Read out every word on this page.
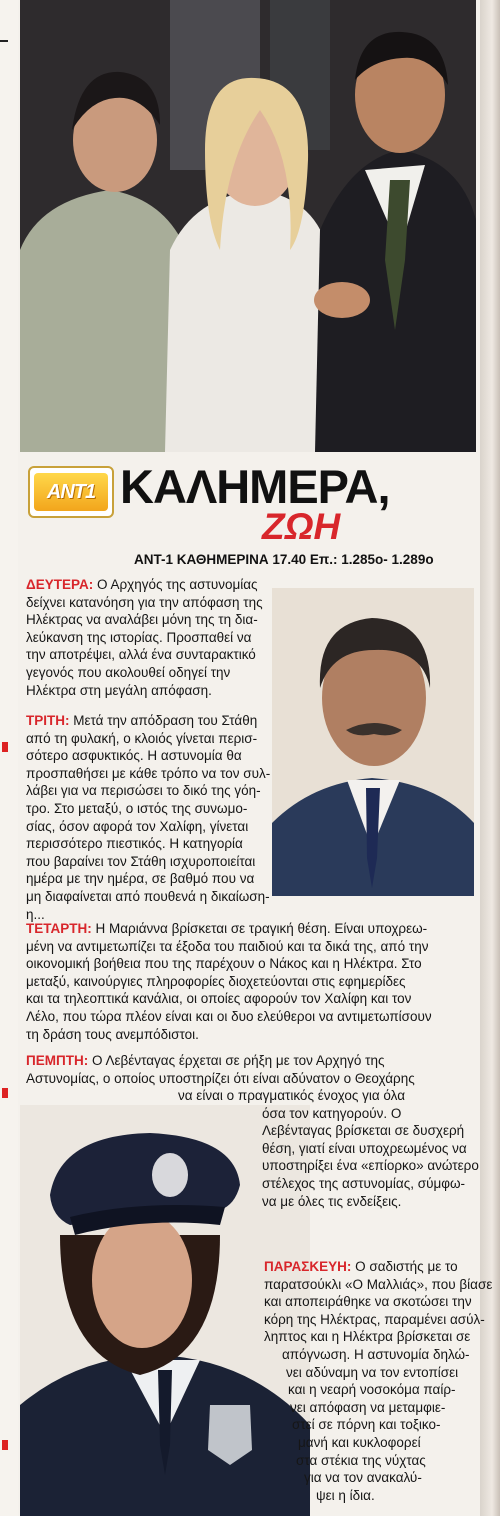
ANT1 ΚΑΛΗΜΕΡΑ,
ΖΩΗ
ΑΝΤ-1 ΚΑΘΗΜΕΡΙΝΑ 17.40 Επ.: 1.285ο- 1.289ο
ΔΕΥΤΕΡΑ: Ο Αρχηγός της αστυνομίας
δείχνει κατανόηση για την απόφαση της
Ηλέκτρας να αναλάβει μόνη της τη δια-
λεύκανση της ιστορίας. Προσπαθεί να
την αποτρέψει, αλλά ένα συνταρακτικό
γεγονός που ακολουθεί οδηγεί την
Ηλέκτρα στη μεγάλη απόφαση.
ΤΡΙΤΗ: Μετά την απόδραση του Στάθη
από τη φυλακή, ο κλοιός γίνεται περισ-
σότερο ασφυκτικός. Η αστυνομία θα
προσπαθήσει με κάθε τρόπο να τον συλ-
λάβει για να περισώσει το δικό της γόη-
τρο. Στο μεταξύ, ο ιστός της συνωμο-
σίας, όσον αφορά τον Χαλίφη, γίνεται
περισσότερο πιεστικός. Η κατηγορία
που βαραίνει τον Στάθη ισχυροποιείται
ημέρα με την ημέρα, σε βαθμό που να
μη διαφαίνεται από πουθενά η δικαίωση-
η...
ΤΕΤΑΡΤΗ: Η Μαριάννα βρίσκεται σε τραγική θέση. Είναι υποχρεω-
μένη να αντιμετωπίζει τα έξοδα του παιδιού και τα δικά της, από την
οικονομική βοήθεια που της παρέχουν ο Νάκος και η Ηλέκτρα. Στο
μεταξύ, καινούργιες πληροφορίες διοχετεύονται στις εφημερίδες
και τα τηλεοπτικά κανάλια, οι οποίες αφορούν τον Χαλίφη και τον
Λέλο, που τώρα πλέον είναι και οι δυο ελεύθεροι να αντιμετωπίσουν
τη δράση τους ανεμπόδιστοι.
ΠΕΜΠΤΗ: Ο Λεβένταγας έρχεται σε ρήξη με τον Αρχηγό της
Αστυνομίας, ο οποίος υποστηρίζει ότι είναι αδύνατον ο Θεοχάρης
να είναι ο πραγματικός ένοχος για όλα
όσα τον κατηγορούν. Ο
Λεβένταγας βρίσκεται σε δυσχερή
θέση, γιατί είναι υποχρεωμένος να
υποστηρίξει ένα «επίορκο» ανώτερο
στέλεχος της αστυνομίας, σύμφω-
να με όλες τις ενδείξεις.
ΠΑΡΑΣΚΕΥΗ: Ο σαδιστής με το
παρατσούκλι «Ο Μαλλιάς», που βίασε
και αποπειράθηκε να σκοτώσει την
κόρη της Ηλέκτρας, παραμένει ασύλ-
ληπτος και η Ηλέκτρα βρίσκεται σε
απόγνωση. Η αστυνομία δηλώ-
νει αδύναμη να τον εντοπίσει
και η νεαρή νοσοκόμα παίρ-
νει απόφαση να μεταμφιε-
στεί σε πόρνη και τοξικο-
μανή και κυκλοφορεί
στα στέκια της νύχτας
για να τον ανακαλύ-
ψει η ίδια.
